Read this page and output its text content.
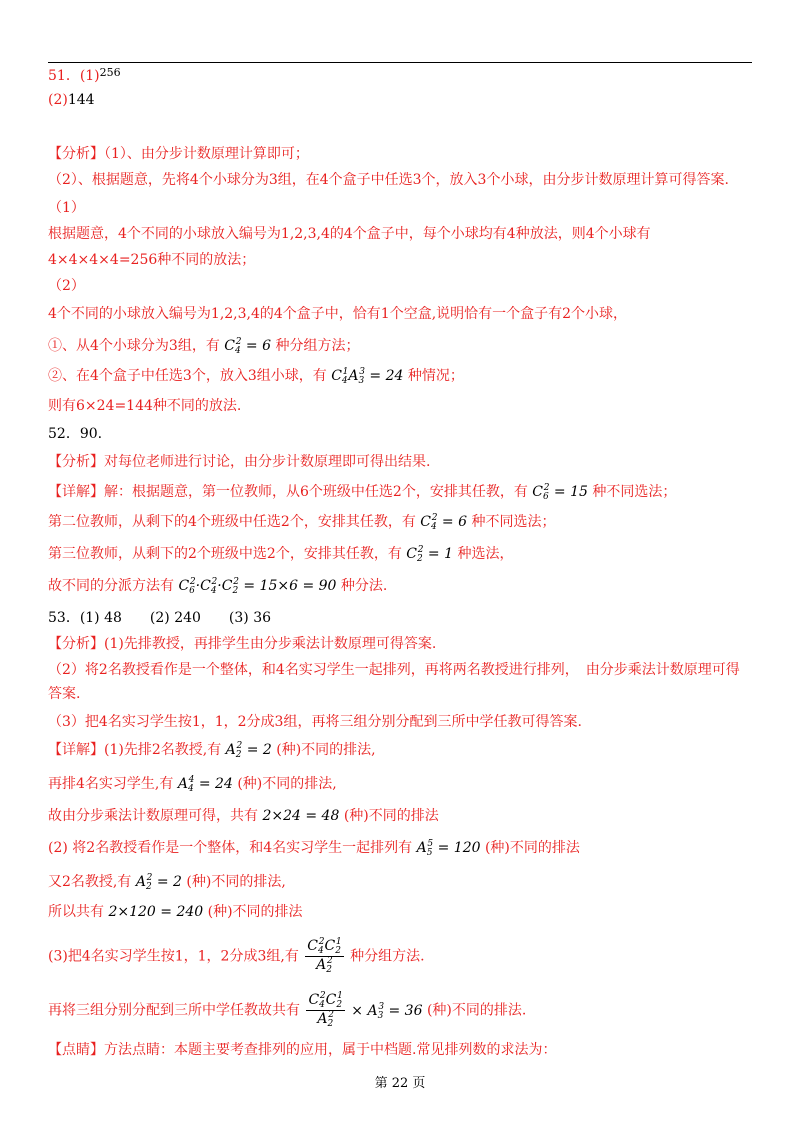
51．$(1)^{256}$
(2)144
【分析】（1）、由分步计数原理计算即可；
（2）、根据题意，先将4个小球分为3组，在4个盒子中任选3个，放入3个小球，由分步计数原理计算可得答案.
（1）
根据题意，4个不同的小球放入编号为1,2,3,4的4个盒子中，每个小球均有4种放法，则4个小球有
4×4×4×4=256种不同的放法；
（2）
4个不同的小球放入编号为1,2,3,4的4个盒子中，恰有1个空盒,说明恰有一个盒子有2个小球，
①、从4个小球分为3组，有 $C_4^2 = 6$ 种分组方法；
②、在4个盒子中任选3个，放入3组小球，有 $C_4^1A_3^3 = 24$ 种情况；
则有6×24=144种不同的放法.
52．90.
【分析】对每位老师进行讨论，由分步计数原理即可得出结果.
【详解】解：根据题意，第一位教师，从6个班级中任选2个，安排其任教，有 $C_6^2 = 15$ 种不同选法；
第二位教师，从剩下的4个班级中任选2个，安排其任教，有 $C_4^2 = 6$ 种不同选法；
第三位教师，从剩下的2个班级中选2个，安排其任教，有 $C_2^2 = 1$ 种选法，
故不同的分派方法有 $C_6^2\cdot C_4^2\cdot C_2^2 = 15\times 6 = 90$ 种分法.
53．(1) 48　　(2) 240　　(3) 36
【分析】(1)先排教授，再排学生由分步乘法计数原理可得答案.
（2）将2名教授看作是一个整体，和4名实习学生一起排列，再将两名教授进行排列，　由分步乘法计数原理可得
答案.
（3）把4名实习学生按1，1，2分成3组，再将三组分别分配到三所中学任教可得答案.
【详解】(1)先排2名教授,有 $A_2^2 = 2$ (种)不同的排法,
再排4名实习学生,有 $A_4^4 = 24$ (种)不同的排法,
故由分步乘法计数原理可得，共有 2×24 = 48 (种)不同的排法
(2) 将2名教授看作是一个整体，和4名实习学生一起排列有 $A_5^5 = 120$ (种)不同的排法
又2名教授,有 $A_2^2 = 2$ (种)不同的排法,
所以共有 2×120 = 240 (种)不同的排法
(3)把4名实习学生按1，1，2分成3组,有 $\frac{C_4^2C_2^1}{A_2^2}$ 种分组方法.
再将三组分别分配到三所中学任教故共有 $\frac{C_4^2C_2^1}{A_2^2} \times A_3^3 = 36$ (种)不同的排法.
【点睛】方法点睛：本题主要考查排列的应用，属于中档题.常见排列数的求法为：
第 22 页
